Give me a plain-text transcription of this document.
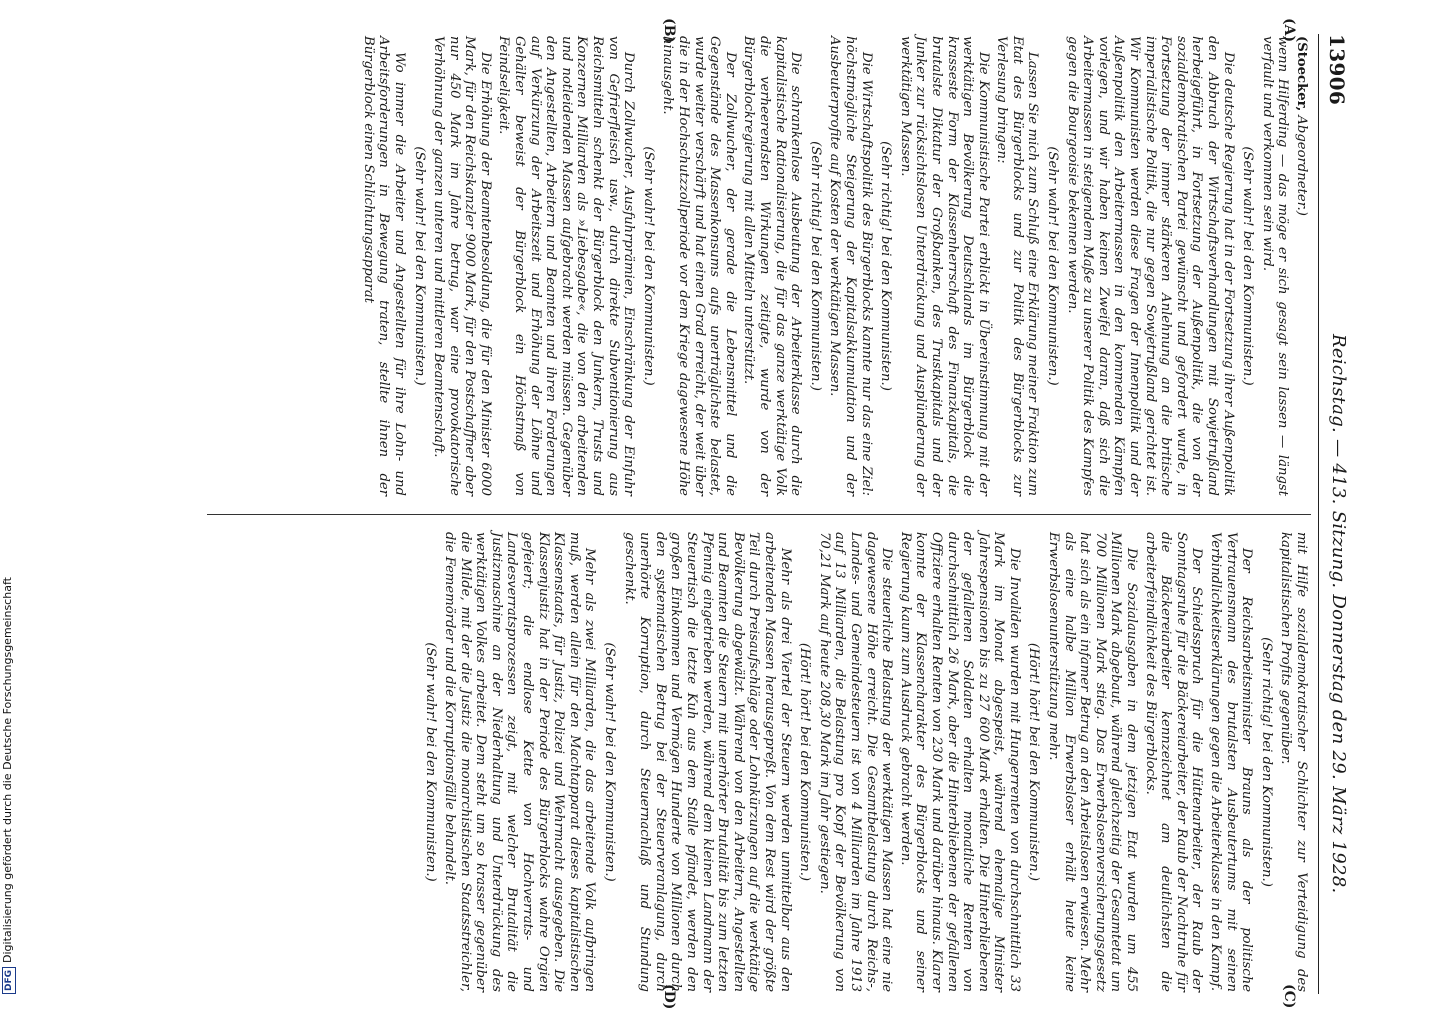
13906
Reichstag. — 413. Sitzung. Donnerstag den 29. März 1928.
(A)
(B)
(C)
(D)

(Stoecker, Abgeordneter.)

wenn Hilferding — das möge er sich gesagt sein lassen — längst verfault und verkommen sein wird.

(Sehr wahr! bei den Kommunisten.)

Die deutsche Regierung hat in der Fortsetzung ihrer Außenpolitik den Abbruch der Wirtschaftsverhandlungen mit Sowjetrußland herbeigeführt, in Fortsetzung der Außenpolitik, die von der sozialdemokratischen Partei gewünscht und gefordert wurde, in Fortsetzung der immer stärkeren Anlehnung an die britische imperialistische Politik, die nur gegen Sowjetrußland gerichtet ist. Wir Kommunisten werden diese Fragen der Innenpolitik und der Außenpolitik den Arbeitermassen in den kommenden Kämpfen vorlegen, und wir haben keinen Zweifel daran, daß sich die Arbeitermassen in steigendem Maße zu unserer Politik des Kampfes gegen die Bourgeoisie bekennen werden.

(Sehr wahr! bei den Kommunisten.)

Lassen Sie mich zum Schluß eine Erklärung meiner Fraktion zum Etat des Bürgerblocks und zur Politik des Bürgerblocks zur Verlesung bringen:

Die Kommunistische Partei erblickt in Übereinstimmung mit der werktätigen Bevölkerung Deutschlands im Bürgerblock die krasseste Form der Klassenherrschaft des Finanzkapitals, die brutalste Diktatur der Großbanken, des Trustkapitals und der Junker zur rücksichtslosen Unterdrückung und Ausplünderung der werktätigen Massen.

(Sehr richtig! bei den Kommunisten.)

Die Wirtschaftspolitik des Bürgerblocks kannte nur das eine Ziel: höchstmögliche Steigerung der Kapitalsakkumulation und der Ausbeuterprofite auf Kosten der werktätigen Massen.

(Sehr richtig! bei den Kommunisten.)

Die schrankenlose Ausbeutung der Arbeiterklasse durch die kapitalistische Rationalisierung, die für das ganze werktätige Volk die verheerendsten Wirkungen zeitigte, wurde von der Bürgerblockregierung mit allen Mitteln unterstützt.

Der Zollwucher, der gerade die Lebensmittel und die Gegenstände des Massenkonsums aufs unerträglichste belastet, wurde weiter verschärft und hat einen Grad erreicht, der weit über die in der Hochschutzzollperiode vor dem Kriege dagewesene Höhe hinausgeht.

(Sehr wahr! bei den Kommunisten.)

Durch Zollwucher, Ausfuhrprämien, Einschränkung der Einfuhr von Gefrierfleisch usw., durch direkte Subventionierung aus Reichsmitteln schenkt der Bürgerblock den Junkern, Trusts und Konzernen Milliarden als »Liebesgabe«, die von den arbeitenden und notleidenden Massen aufgebracht werden müssen. Gegenüber den Angestellten, Arbeitern und Beamten und ihren Forderungen auf Verkürzung der Arbeitszeit und Erhöhung der Löhne und Gehälter beweist der Bürgerblock ein Höchstmaß von Feindseligkeit.

Die Erhöhung der Beamtenbesoldung, die für den Minister 6000 Mark, für den Reichskanzler 9000 Mark, für den Postschaffner aber nur 450 Mark im Jahre betrug, war eine provokatorische Verhöhnung der ganzen unteren und mittleren Beamtenschaft.

(Sehr wahr! bei den Kommunisten.)

Wo immer die Arbeiter und Angestellten für ihre Lohn- und Arbeitsforderungen in Bewegung traten, stellte ihnen der Bürgerblock einen Schlichtungsapparat

mit Hilfe sozialdemokratischer Schlichter zur Verteidigung des kapitalistischen Profits gegenüber.

(Sehr richtig! bei den Kommunisten.)

Der Reichsarbeitsminister Brauns als der politische Vertrauensmann des brutalsten Ausbeutertums mit seinen Verbindlichkeitserklärungen gegen die Arbeiterklasse in den Kampf.

Der Schiedsspruch für die Hüttenarbeiter, der Raub der Sonntagsruhe für die Bäckereiarbeiter, der Raub der Nachtruhe für die Bäckereiarbeiter kennzeichnet am deutlichsten die arbeiterfeindlichkeit des Bürgerblocks.

Die Sozialausgaben in dem jetzigen Etat wurden um 455 Millionen Mark abgebaut, während gleichzeitig der Gesamtetat um 700 Millionen Mark stieg. Das Erwerbslosenversicherungsgesetz hat sich als ein infamer Betrug an den Arbeitslosen erwiesen. Mehr als eine halbe Million Erwerbsloser erhält heute keine Erwerbslosenunterstützung mehr.

(Hört! hört! bei den Kommunisten.)

Die Invaliden wurden mit Hungerrenten von durchschnittlich 33 Mark im Monat abgespeist, während ehemalige Minister Jahrespensionen bis zu 27 600 Mark erhalten. Die Hinterbliebenen der gefallenen Soldaten erhalten monatliche Renten von durchschnittlich 26 Mark, aber die Hinterbliebenen der gefallenen Offiziere erhalten Renten von 230 Mark und darüber hinaus. Klarer konnte der Klassencharakter des Bürgerblocks und seiner Regierung kaum zum Ausdruck gebracht werden.

Die steuerliche Belastung der werktätigen Massen hat eine nie dagewesene Höhe erreicht. Die Gesamtbelastung durch Reichs-, Landes- und Gemeindesteuern ist von 4 Milliarden im Jahre 1913 auf 13 Milliarden, die Belastung pro Kopf der Bevölkerung von 70,21 Mark auf heute 208,30 Mark im Jahr gestiegen.

(Hört! hört! bei den Kommunisten.)

Mehr als drei Viertel der Steuern werden unmittelbar aus den arbeitenden Massen herausgepreßt. Von dem Rest wird der größte Teil durch Preisaufschläge oder Lohnkürzungen auf die werktätige Bevölkerung abgewälzt. Während von den Arbeitern, Angestellten und Beamten die Steuern mit unerhörter Brutalität bis zum letzten Pfennig eingetrieben werden, während dem kleinen Landmann der Steuertisch die letzte Kuh aus dem Stalle pfändet, werden den großen Einkommen und Vermögen Hunderte von Millionen durch den systematischen Betrug bei der Steuerveranlagung, durch unerhörte Korruption, durch Steuernachlaß und Stundung geschenkt.

(Sehr wahr! bei den Kommunisten.)

Mehr als zwei Milliarden, die das arbeitende Volk aufbringen muß, werden allein für den Machtapparat dieses kapitalistischen Klassenstaats, für Justiz, Polizei und Wehrmacht ausgegeben. Die Klassenjustiz hat in der Periode des Bürgerblocks wahre Orgien gefeiert; die endlose Kette von Hochverrats- und Landesverratsprozessen zeigt, mit welcher Brutalität die Justizmaschine an der Niederhaltung und Unterdrückung des werktätigen Volkes arbeitet. Dem steht um so krasser gegenüber die Milde, mit der die Justiz die monarchistischen Staatsstreichler, die Fememörder und die Korruptionsfälle behandelt.

(Sehr wahr! bei den Kommunisten.)

DFGDigitalisierung gefördert durch die Deutsche Forschungsgemeinschaft
